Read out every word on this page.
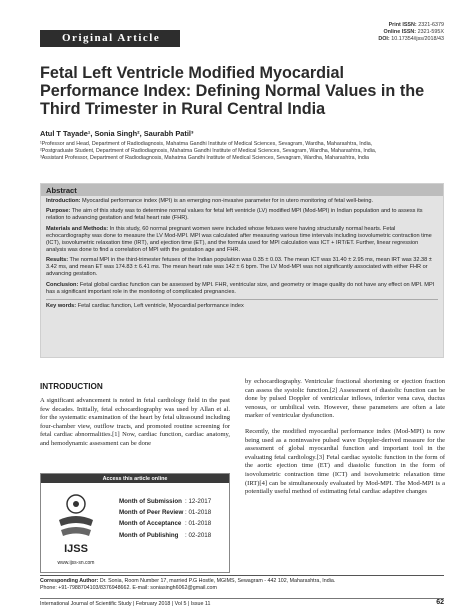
Original Article
Print ISSN: 2321-6379
Online ISSN: 2321-595X
DOI: 10.17354/ijss/2018/43
Fetal Left Ventricle Modified Myocardial Performance Index: Defining Normal Values in the Third Trimester in Rural Central India
Atul T Tayade¹, Sonia Singh², Saurabh Patil³
¹Professor and Head, Department of Radiodiagnosis, Mahatma Gandhi Institute of Medical Sciences, Sevagram, Wardha, Maharashtra, India,
²Postgraduate Student, Department of Radiodiagnosis, Mahatma Gandhi Institute of Medical Sciences, Sevagram, Wardha, Maharashtra, India,
³Assistant Professor, Department of Radiodiagnosis, Mahatma Gandhi Institute of Medical Sciences, Sevagram, Wardha, Maharashtra, India
Abstract

Introduction: Myocardial performance index (MPI) is an emerging non-invasive parameter for in utero monitoring of fetal well-being.

Purpose: The aim of this study was to determine normal values for fetal left ventricle (LV) modified MPI (Mod-MPI) in Indian population and to assess its relation to advancing gestation and fetal heart rate (FHR).

Materials and Methods: In this study, 60 normal pregnant women were included whose fetuses were having structurally normal hearts. Fetal echocardiography was done to measure the LV Mod-MPI. MPI was calculated after measuring various time intervals including isovolumetric contraction time (ICT), isovolumetric relaxation time (IRT), and ejection time (ET), and the formula used for MPI calculation was ICT + IRT/ET. Further, linear regression analysis was done to find a correlation of MPI with the gestation age and FHR.

Results: The normal MPI in the third-trimester fetuses of the Indian population was 0.35 ± 0.03. The mean ICT was 31.40 ± 2.95 ms, mean IRT was 32.38 ± 3.42 ms, and mean ET was 174.83 ± 6.41 ms. The mean heart rate was 142 ± 6 bpm. The LV Mod-MPI was not significantly associated with either FHR or advancing gestation.

Conclusion: Fetal global cardiac function can be assessed by MPI. FHR, ventricular size, and geometry or image quality do not have any effect on MPI. MPI has a significant important role in the monitoring of complicated pregnancies.

Key words: Fetal cardiac function, Left ventricle, Myocardial performance index

INTRODUCTION
A significant advancement is noted in fetal cardiology field in the past few decades. Initially, fetal echocardiography was used by Allan et al. for the systematic examination of the heart by fetal ultrasound including four-chamber view, outflow tracts, and promoted routine screening for fetal cardiac abnormalities.[1] Now, cardiac function, cardiac anatomy, and hemodynamic assessment can be done
by echocardiography. Ventricular fractional shortening or ejection fraction can assess the systolic function.[2] Assessment of diastolic function can be done by pulsed Doppler of ventricular inflows, inferior vena cava, ductus venosus, or umbilical vein. However, these parameters are often a late marker of ventricular dysfunction.
Recently, the modified myocardial performance index (Mod-MPI) is now being used as a noninvasive pulsed wave Doppler-derived measure for the assessment of global myocardial function and important tool in the evaluating fetal cardiology.[3] Fetal cardiac systolic function in the form of the aortic ejection time (ET) and diastolic function in the form of isovolumetric contraction time (ICT) and isovolumetric relaxation time (IRT)[4] can be simultaneously evaluated by Mod-MPI. The Mod-MPI is a potentially useful method of estimating fetal cardiac adaptive changes
Access this article online
IJSS
www.ijss-sn.com
Month of Submission : 12-2017
Month of Peer Review : 01-2018
Month of Acceptance : 01-2018
Month of Publishing	: 02-2018
Corresponding Author: Dr. Sonia, Room Number 17, married P.G Hostle, MGIMS, Sewagram - 442 102, Maharashtra, India.
Phone: +91-7988704103/8376948662. E-mail: soniasingh6062@gmail.com
International Journal of Scientific Study | February 2018 | Vol 5 | Issue 11	62
